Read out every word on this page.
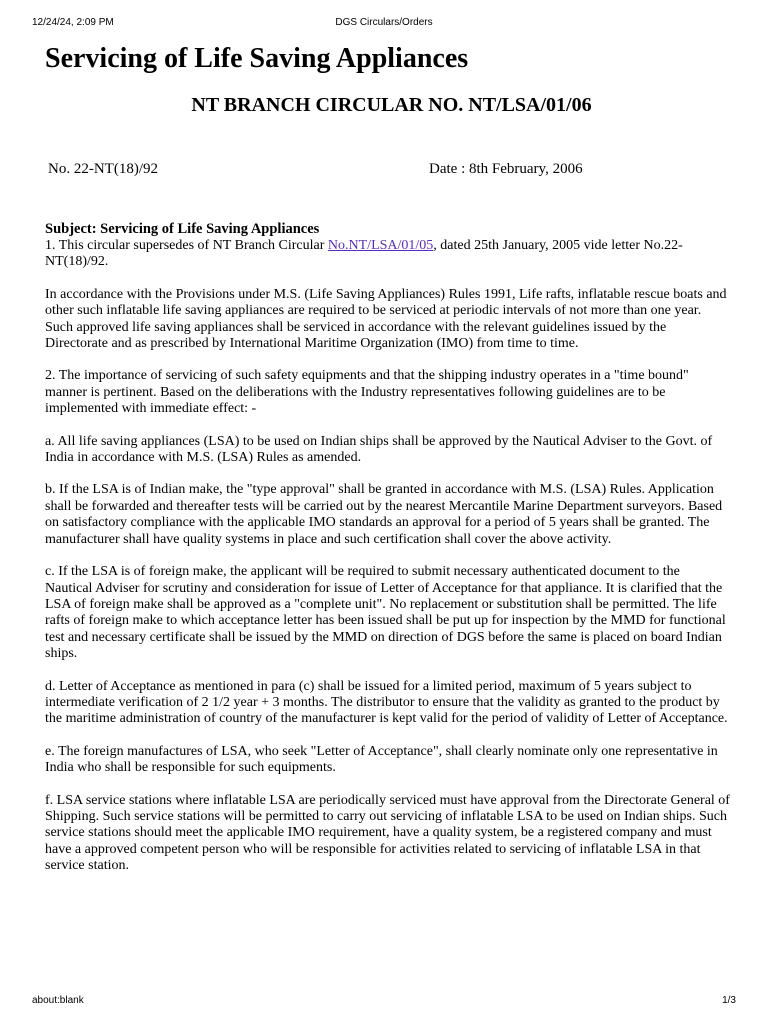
12/24/24, 2:09 PM	DGS Circulars/Orders
Servicing of Life Saving Appliances
NT BRANCH CIRCULAR NO. NT/LSA/01/06
No. 22-NT(18)/92	Date : 8th February, 2006
Subject: Servicing of Life Saving Appliances

1. This circular supersedes of NT Branch Circular No.NT/LSA/01/05, dated 25th January, 2005 vide letter No.22-NT(18)/92.

In accordance with the Provisions under M.S. (Life Saving Appliances) Rules 1991, Life rafts, inflatable rescue boats and other such inflatable life saving appliances are required to be serviced at periodic intervals of not more than one year. Such approved life saving appliances shall be serviced in accordance with the relevant guidelines issued by the Directorate and as prescribed by International Maritime Organization (IMO) from time to time.

2. The importance of servicing of such safety equipments and that the shipping industry operates in a "time bound" manner is pertinent. Based on the deliberations with the Industry representatives following guidelines are to be implemented with immediate effect: -

a. All life saving appliances (LSA) to be used on Indian ships shall be approved by the Nautical Adviser to the Govt. of India in accordance with M.S. (LSA) Rules as amended.

b. If the LSA is of Indian make, the "type approval" shall be granted in accordance with M.S. (LSA) Rules. Application shall be forwarded and thereafter tests will be carried out by the nearest Mercantile Marine Department surveyors. Based on satisfactory compliance with the applicable IMO standards an approval for a period of 5 years shall be granted. The manufacturer shall have quality systems in place and such certification shall cover the above activity.

c. If the LSA is of foreign make, the applicant will be required to submit necessary authenticated document to the Nautical Adviser for scrutiny and consideration for issue of Letter of Acceptance for that appliance. It is clarified that the LSA of foreign make shall be approved as a "complete unit". No replacement or substitution shall be permitted. The life rafts of foreign make to which acceptance letter has been issued shall be put up for inspection by the MMD for functional test and necessary certificate shall be issued by the MMD on direction of DGS before the same is placed on board Indian ships.

d. Letter of Acceptance as mentioned in para (c) shall be issued for a limited period, maximum of 5 years subject to intermediate verification of 2 1/2 year + 3 months. The distributor to ensure that the validity as granted to the product by the maritime administration of country of the manufacturer is kept valid for the period of validity of Letter of Acceptance.

e. The foreign manufactures of LSA, who seek "Letter of Acceptance", shall clearly nominate only one representative in India who shall be responsible for such equipments.

f. LSA service stations where inflatable LSA are periodically serviced must have approval from the Directorate General of Shipping. Such service stations will be permitted to carry out servicing of inflatable LSA to be used on Indian ships. Such service stations should meet the applicable IMO requirement, have a quality system, be a registered company and must have a approved competent person who will be responsible for activities related to servicing of inflatable LSA in that service station.

about:blank	1/3
